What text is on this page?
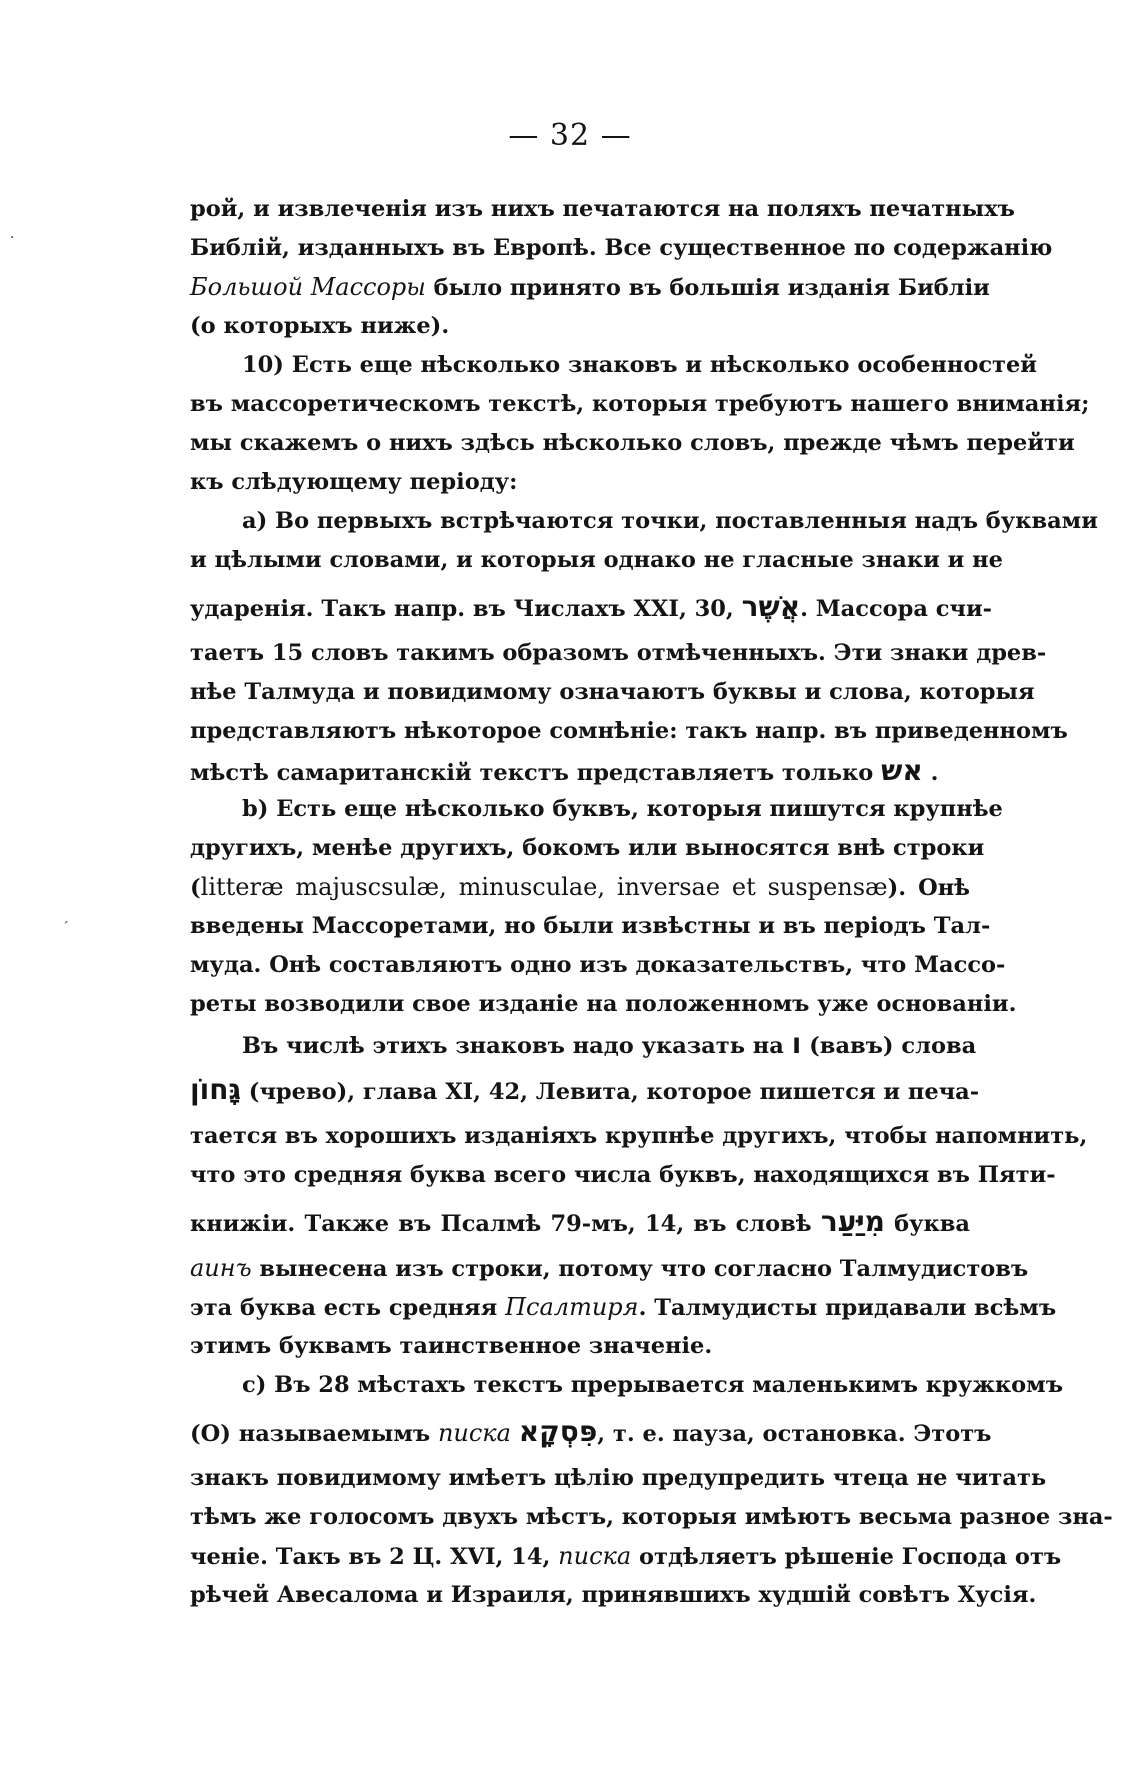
— 32 —
рой, и извлеченія изъ нихъ печатаются на поляхъ печатныхъ
Библій, изданныхъ въ Европѣ. Все существенное по содержанію
Большой Массоры было принято въ большія изданія Библіи
(о которыхъ ниже).
10) Есть еще нѣсколько знаковъ и нѣсколько особенностей
въ массоретическомъ текстѣ, которыя требуютъ нашего вниманія;
мы скажемъ о нихъ здѣсь нѣсколько словъ, прежде чѣмъ перейти
къ слѣдующему періоду:
a) Во первыхъ встрѣчаются точки, поставленныя надъ буквами
и цѣлыми словами, и которыя однако не гласные знаки и не
ударенія. Такъ напр. въ Числахъ XXI, 30, אֲשֶׁר. Массора счи-
таетъ 15 словъ такимъ образомъ отмѣченныхъ. Эти знаки древ-
нѣе Талмуда и повидимому означаютъ буквы и слова, которыя
представляютъ нѣкоторое сомнѣніе: такъ напр. въ приведенномъ
мѣстѣ самаританскій текстъ представляетъ только אש .
b) Есть еще нѣсколько буквъ, которыя пишутся крупнѣе
другихъ, менѣе другихъ, бокомъ или выносятся внѣ строки
(litteræ majuscsulæ, minusculae, inversae et suspensæ). Онѣ
введены Массоретами, но были извѣстны и въ періодъ Тал-
муда. Онѣ составляютъ одно изъ доказательствъ, что Массо-
реты возводили свое изданіе на положенномъ уже основаніи.
Въ числѣ этихъ знаковъ надо указать на ו (вавъ) слова
גָּחוֹן (чрево), глава XI, 42, Левита, которое пишется и печа-
тается въ хорошихъ изданіяхъ крупнѣе другихъ, чтобы напомнить,
что это средняя буква всего числа буквъ, находящихся въ Пяти-
книжіи. Также въ Псалмѣ 79-мъ, 14, въ словѣ מִיַּעַר буква
аинъ вынесена изъ строки, потому что согласно Талмудистовъ
эта буква есть средняя Псалтиря. Талмудисты придавали всѣмъ
этимъ буквамъ таинственное значеніе.
c) Въ 28 мѣстахъ текстъ прерывается маленькимъ кружкомъ
(O) называемымъ писка פִּסְקָא, т. е. пауза, остановка. Этотъ
знакъ повидимому имѣетъ цѣлію предупредить чтеца не читать
тѣмъ же голосомъ двухъ мѣстъ, которыя имѣютъ весьма разное зна-
ченіе. Такъ въ 2 Ц. XVI, 14, писка отдѣляетъ рѣшеніе Господа отъ
рѣчей Авесалома и Израиля, принявшихъ худшій совѣтъ Хусія.
·
´
